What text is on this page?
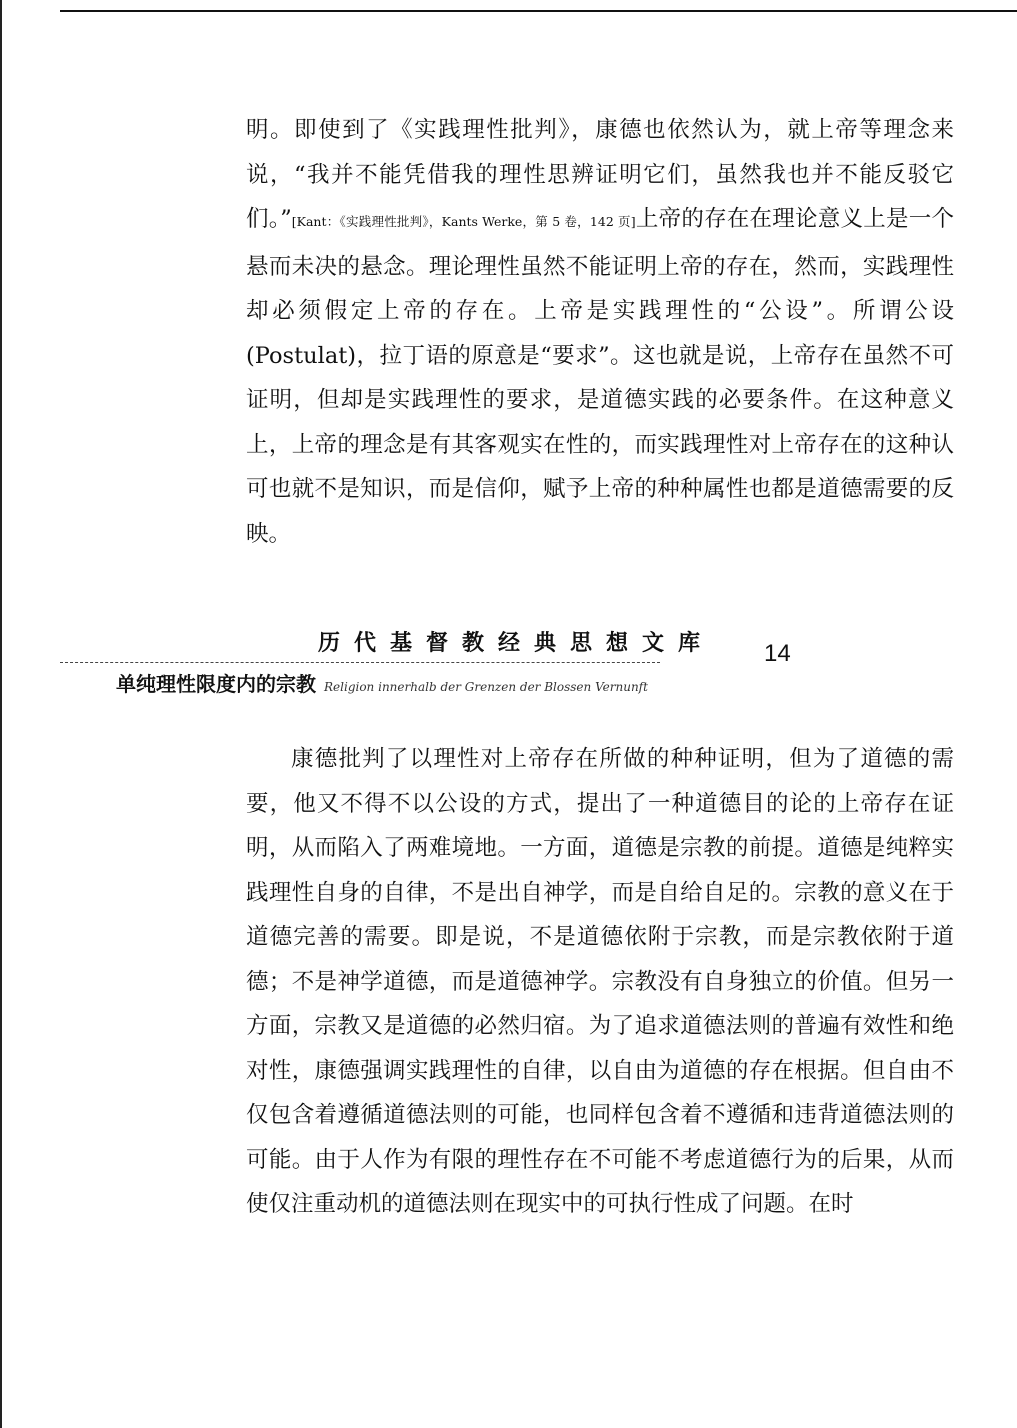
明。即使到了《实践理性批判》，康德也依然认为，就上帝等理念来说，“我并不能凭借我的理性思辨证明它们，虽然我也并不能反驳它们。”[Kant：《实践理性批判》，Kants Werke，第 5 卷，142 页]上帝的存在在理论意义上是一个悬而未决的悬念。理论理性虽然不能证明上帝的存在，然而，实践理性却必须假定上帝的存在。上帝是实践理性的“公设”。所谓公设(Postulat)，拉丁语的原意是“要求”。这也就是说，上帝存在虽然不可证明，但却是实践理性的要求，是道德实践的必要条件。在这种意义上，上帝的理念是有其客观实在性的，而实践理性对上帝存在的这种认可也就不是知识，而是信仰，赋予上帝的种种属性也都是道德需要的反映。

历代基督教经典思想文库	14
单纯理性限度内的宗教 Religion innerhalb der Grenzen der Blossen Vernunft

康德批判了以理性对上帝存在所做的种种证明，但为了道德的需要，他又不得不以公设的方式，提出了一种道德目的论的上帝存在证明，从而陷入了两难境地。一方面，道德是宗教的前提。道德是纯粹实践理性自身的自律，不是出自神学，而是自给自足的。宗教的意义在于道德完善的需要。即是说，不是道德依附于宗教，而是宗教依附于道德；不是神学道德，而是道德神学。宗教没有自身独立的价值。但另一方面，宗教又是道德的必然归宿。为了追求道德法则的普遍有效性和绝对性，康德强调实践理性的自律，以自由为道德的存在根据。但自由不仅包含着遵循道德法则的可能，也同样包含着不遵循和违背道德法则的可能。由于人作为有限的理性存在不可能不考虑道德行为的后果，从而使仅注重动机的道德法则在现实中的可执行性成了问题。在时
